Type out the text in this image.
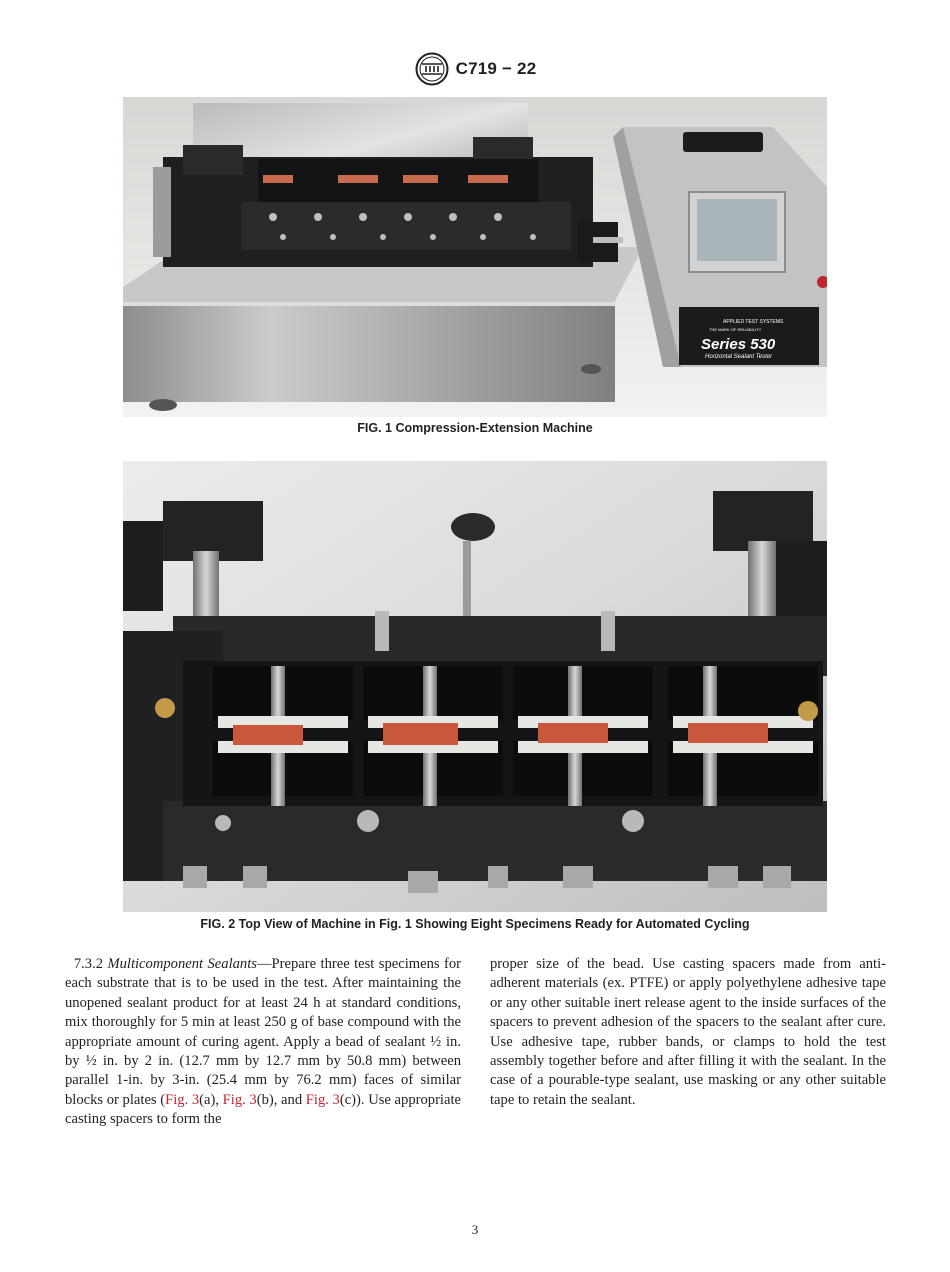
C719 − 22
APPLIED TEST SYSTEMS
THE MARK OF RELIABILITY
Series 530
Horizontal Sealant Tester
FIG. 1 Compression-Extension Machine
FIG. 2 Top View of Machine in Fig. 1 Showing Eight Specimens Ready for Automated Cycling
7.3.2 Multicomponent Sealants—Prepare three test specimens for each substrate that is to be used in the test. After maintaining the unopened sealant product for at least 24 h at standard conditions, mix thoroughly for 5 min at least 250 g of base compound with the appropriate amount of curing agent. Apply a bead of sealant ½ in. by ½ in. by 2 in. (12.7 mm by 12.7 mm by 50.8 mm) between parallel 1-in. by 3-in. (25.4 mm by 76.2 mm) faces of similar blocks or plates (Fig. 3(a), Fig. 3(b), and Fig. 3(c)). Use appropriate casting spacers to form the
proper size of the bead. Use casting spacers made from anti-adherent materials (ex. PTFE) or apply polyethylene adhesive tape or any other suitable inert release agent to the inside surfaces of the spacers to prevent adhesion of the spacers to the sealant after cure. Use adhesive tape, rubber bands, or clamps to hold the test assembly together before and after filling it with the sealant. In the case of a pourable-type sealant, use masking or any other suitable tape to retain the sealant.
3
